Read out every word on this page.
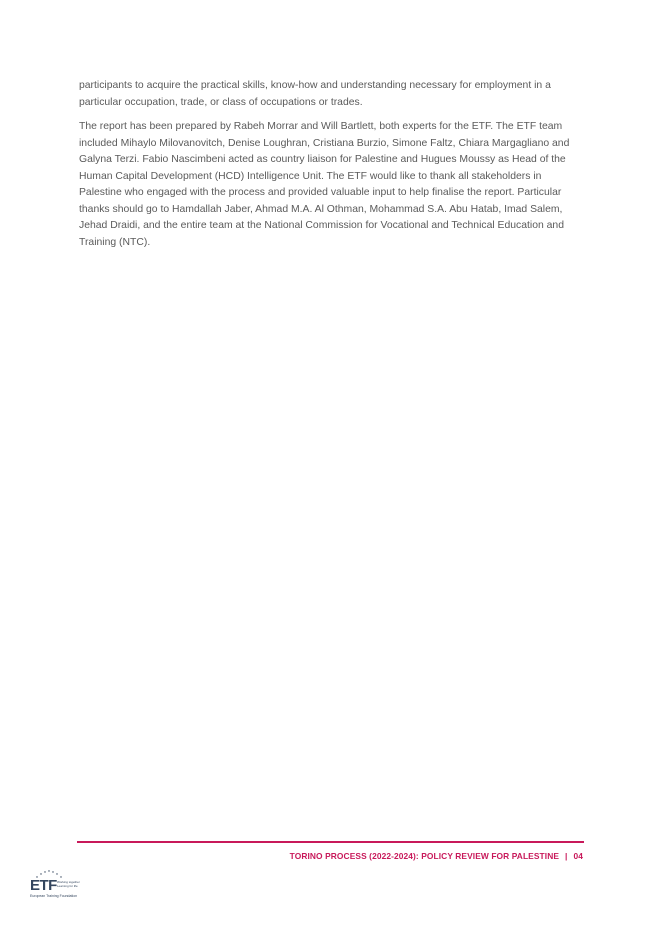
participants to acquire the practical skills, know-how and understanding necessary for employment in a particular occupation, trade, or class of occupations or trades.

The report has been prepared by Rabeh Morrar and Will Bartlett, both experts for the ETF. The ETF team included Mihaylo Milovanovitch, Denise Loughran, Cristiana Burzio, Simone Faltz, Chiara Margagliano and Galyna Terzi. Fabio Nascimbeni acted as country liaison for Palestine and Hugues Moussy as Head of the Human Capital Development (HCD) Intelligence Unit. The ETF would like to thank all stakeholders in Palestine who engaged with the process and provided valuable input to help finalise the report. Particular thanks should go to Hamdallah Jaber, Ahmad M.A. Al Othman, Mohammad S.A. Abu Hatab, Imad Salem, Jehad Draidi, and the entire team at the National Commission for Vocational and Technical Education and Training (NTC).

TORINO PROCESS (2022-2024): POLICY REVIEW FOR PALESTINE | 04
ETF Working together Learning for life
European Training Foundation
